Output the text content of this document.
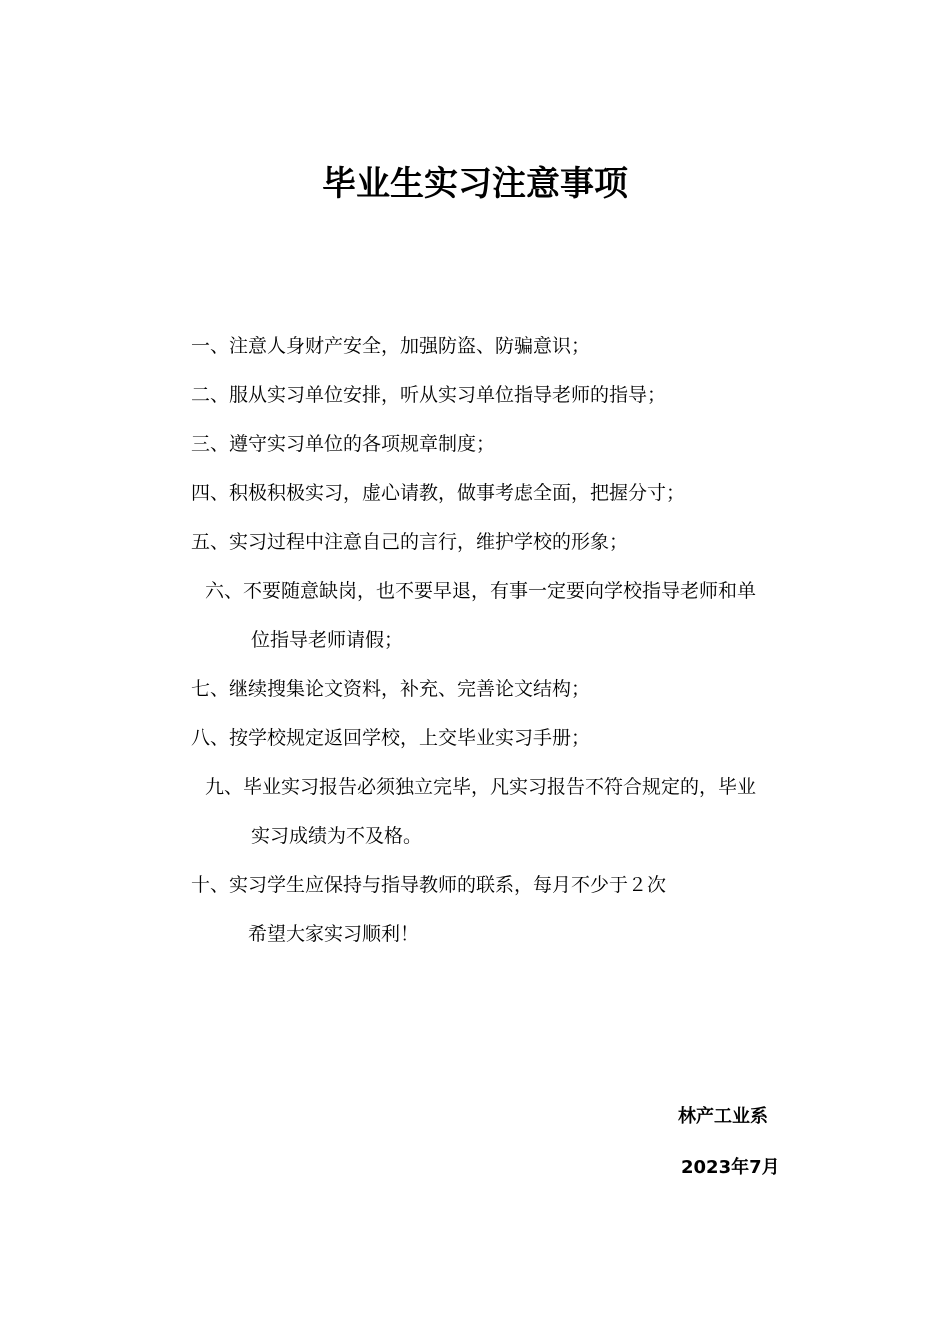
毕业生实习注意事项
一、注意人身财产安全，加强防盗、防骗意识；
二、服从实习单位安排，听从实习单位指导老师的指导；
三、遵守实习单位的各项规章制度；
四、积极积极实习，虚心请教，做事考虑全面，把握分寸；
五、实习过程中注意自己的言行，维护学校的形象；
六、不要随意缺岗，也不要早退，有事一定要向学校指导老师和单
位指导老师请假；
七、继续搜集论文资料，补充、完善论文结构；
八、按学校规定返回学校，上交毕业实习手册；
九、毕业实习报告必须独立完毕，凡实习报告不符合规定的，毕业
实习成绩为不及格。
十、实习学生应保持与指导教师的联系，每月不少于２次
希望大家实习顺利！
林产工业系
2023年7月
